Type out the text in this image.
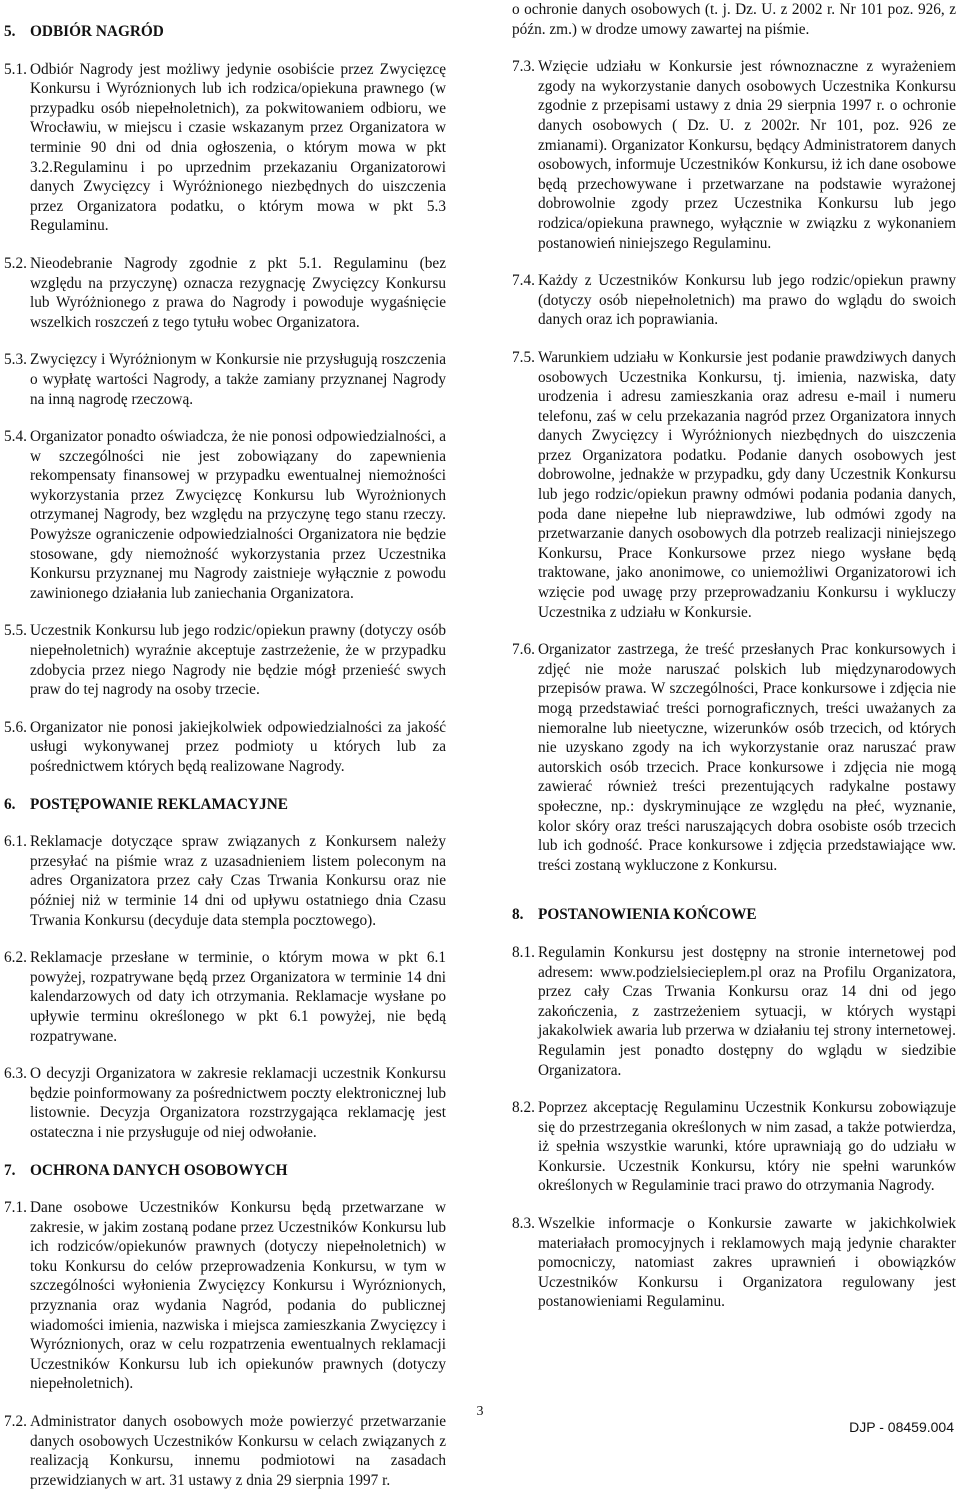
5. ODBIÓR NAGRÓD

5.1. Odbiór Nagrody jest możliwy jedynie osobiście przez Zwycięzcę Konkursu i Wyróznionych lub ich rodzica/opiekuna prawnego (w przypadku osób niepełnoletnich), za pokwitowaniem odbioru, we Wrocławiu, w miejscu i czasie wskazanym przez Organizatora w terminie 90 dni od dnia ogłoszenia, o którym mowa w pkt 3.2.Regulaminu i po uprzednim przekazaniu Organizatorowi danych Zwycięzcy i Wyróżnionego niezbędnych do uiszczenia przez Organizatora podatku, o którym mowa w pkt 5.3 Regulaminu.

5.2. Nieodebranie Nagrody zgodnie z pkt 5.1. Regulaminu (bez względu na przyczynę) oznacza rezygnację Zwycięzcy Konkursu lub Wyróżnionego z prawa do Nagrody i powoduje wygaśnięcie wszelkich roszczeń z tego tytułu wobec Organizatora.

5.3. Zwycięzcy i Wyróżnionym w Konkursie nie przysługują roszczenia o wypłatę wartości Nagrody, a także zamiany przyznanej Nagrody na inną nagrodę rzeczową.

5.4. Organizator ponadto oświadcza, że nie ponosi odpowiedzialności, a w szczególności nie jest zobowiązany do zapewnienia rekompensaty finansowej w przypadku ewentualnej niemożności wykorzystania przez Zwycięzcę Konkursu lub Wyrożnionych otrzymanej Nagrody, bez względu na przyczynę tego stanu rzeczy. Powyższe ograniczenie odpowiedzialności Organizatora nie będzie stosowane, gdy niemożność wykorzystania przez Uczestnika Konkursu przyznanej mu Nagrody zaistnieje wyłącznie z powodu zawinionego działania lub zaniechania Organizatora.

5.5. Uczestnik Konkursu lub jego rodzic/opiekun prawny (dotyczy osób niepełnoletnich) wyraźnie akceptuje zastrzeżenie, że w przypadku zdobycia przez niego Nagrody nie będzie mógł przenieść swych praw do tej nagrody na osoby trzecie.

5.6. Organizator nie ponosi jakiejkolwiek odpowiedzialności za jakość usługi wykonywanej przez podmioty u których lub za pośrednictwem których będą realizowane Nagrody.

6. POSTĘPOWANIE REKLAMACYJNE

6.1. Reklamacje dotyczące spraw związanych z Konkursem należy przesyłać na piśmie wraz z uzasadnieniem listem poleconym na adres Organizatora przez cały Czas Trwania Konkursu oraz nie później niż w terminie 14 dni od upływu ostatniego dnia Czasu Trwania Konkursu (decyduje data stempla pocztowego).

6.2. Reklamacje przesłane w terminie, o którym mowa w pkt 6.1 powyżej, rozpatrywane będą przez Organizatora w terminie 14 dni kalendarzowych od daty ich otrzymania. Reklamacje wysłane po upływie terminu określonego w pkt 6.1 powyżej, nie będą rozpatrywane.

6.3. O decyzji Organizatora w zakresie reklamacji uczestnik Konkursu będzie poinformowany za pośrednictwem poczty elektronicznej lub listownie. Decyzja Organizatora rozstrzygająca reklamację jest ostateczna i nie przysługuje od niej odwołanie.

7. OCHRONA DANYCH OSOBOWYCH

7.1. Dane osobowe Uczestników Konkursu będą przetwarzane w zakresie, w jakim zostaną podane przez Uczestników Konkursu lub ich rodziców/opiekunów prawnych (dotyczy niepełnoletnich) w toku Konkursu do celów przeprowadzenia Konkursu, w tym w szczególności wyłonienia Zwycięzcy Konkursu i Wyróznionych, przyznania oraz wydania Nagród, podania do publicznej wiadomości imienia, nazwiska i miejsca zamieszkania Zwycięzcy i Wyróznionych, oraz w celu rozpatrzenia ewentualnych reklamacji Uczestników Konkursu lub ich opiekunów prawnych (dotyczy niepełnoletnich).

7.2. Administrator danych osobowych może powierzyć przetwarzanie danych osobowych Uczestników Konkursu w celach związanych z realizacją Konkursu, innemu podmiotowi na zasadach przewidzianych w art. 31 ustawy z dnia 29 sierpnia 1997 r.

o ochronie danych osobowych (t. j. Dz. U. z 2002 r. Nr 101 poz. 926, z późn. zm.) w drodze umowy zawartej na piśmie.

7.3. Wzięcie udziału w Konkursie jest równoznaczne z wyrażeniem zgody na wykorzystanie danych osobowych Uczestnika Konkursu zgodnie z przepisami ustawy z dnia 29 sierpnia 1997 r. o ochronie danych osobowych ( Dz. U. z 2002r. Nr 101, poz. 926 ze zmianami). Organizator Konkursu, będący Administratorem danych osobowych, informuje Uczestników Konkursu, iż ich dane osobowe będą przechowywane i przetwarzane na podstawie wyrażonej dobrowolnie zgody przez Uczestnika Konkursu lub jego rodzica/opiekuna prawnego, wyłącznie w związku z wykonaniem postanowień niniejszego Regulaminu.

7.4. Każdy z Uczestników Konkursu lub jego rodzic/opiekun prawny (dotyczy osób niepełnoletnich) ma prawo do wglądu do swoich danych oraz ich poprawiania.

7.5. Warunkiem udziału w Konkursie jest podanie prawdziwych danych osobowych Uczestnika Konkursu, tj. imienia, nazwiska, daty urodzenia i adresu zamieszkania oraz adresu e-mail i numeru telefonu, zaś w celu przekazania nagród przez Organizatora innych danych Zwycięzcy i Wyróżnionych niezbędnych do uiszczenia przez Organizatora podatku. Podanie danych osobowych jest dobrowolne, jednakże w przypadku, gdy dany Uczestnik Konkursu lub jego rodzic/opiekun prawny odmówi podania podania danych, poda dane niepełne lub nieprawdziwe, lub odmówi zgody na przetwarzanie danych osobowych dla potrzeb realizacji niniejszego Konkursu, Prace Konkursowe przez niego wysłane będą traktowane, jako anonimowe, co uniemożliwi Organizatorowi ich wzięcie pod uwagę przy przeprowadzaniu Konkursu i wykluczy Uczestnika z udziału w Konkursie.

7.6. Organizator zastrzega, że treść przesłanych Prac konkursowych i zdjęć nie może naruszać polskich lub międzynarodowych przepisów prawa. W szczególności, Prace konkursowe i zdjęcia nie mogą przedstawiać treści pornograficznych, treści uważanych za niemoralne lub nieetyczne, wizerunków osób trzecich, od których nie uzyskano zgody na ich wykorzystanie oraz naruszać praw autorskich osób trzecich. Prace konkursowe i zdjęcia nie mogą zawierać również treści prezentujących radykalne postawy społeczne, np.: dyskryminujące ze względu na płeć, wyznanie, kolor skóry oraz treści naruszających dobra osobiste osób trzecich lub ich godność. Prace konkursowe i zdjęcia przedstawiające ww. treści zostaną wykluczone z Konkursu.

8. POSTANOWIENIA KOŃCOWE

8.1. Regulamin Konkursu jest dostępny na stronie internetowej pod adresem: www.podzielsiecieplem.pl oraz na Profilu Organizatora, przez cały Czas Trwania Konkursu oraz 14 dni od jego zakończenia, z zastrzeżeniem sytuacji, w których wystąpi jakakolwiek awaria lub przerwa w działaniu tej strony internetowej. Regulamin jest ponadto dostępny do wglądu w siedzibie Organizatora.

8.2. Poprzez akceptację Regulaminu Uczestnik Konkursu zobowiązuje się do przestrzegania określonych w nim zasad, a także potwierdza, iż spełnia wszystkie warunki, które uprawniają go do udziału w Konkursie. Uczestnik Konkursu, który nie spełni warunków określonych w Regulaminie traci prawo do otrzymania Nagrody.

8.3. Wszelkie informacje o Konkursie zawarte w jakichkolwiek materiałach promocyjnych i reklamowych mają jedynie charakter pomocniczy, natomiast zakres uprawnień i obowiązków Uczestników Konkursu i Organizatora regulowany jest postanowieniami Regulaminu.

3
DJP - 08459.004
